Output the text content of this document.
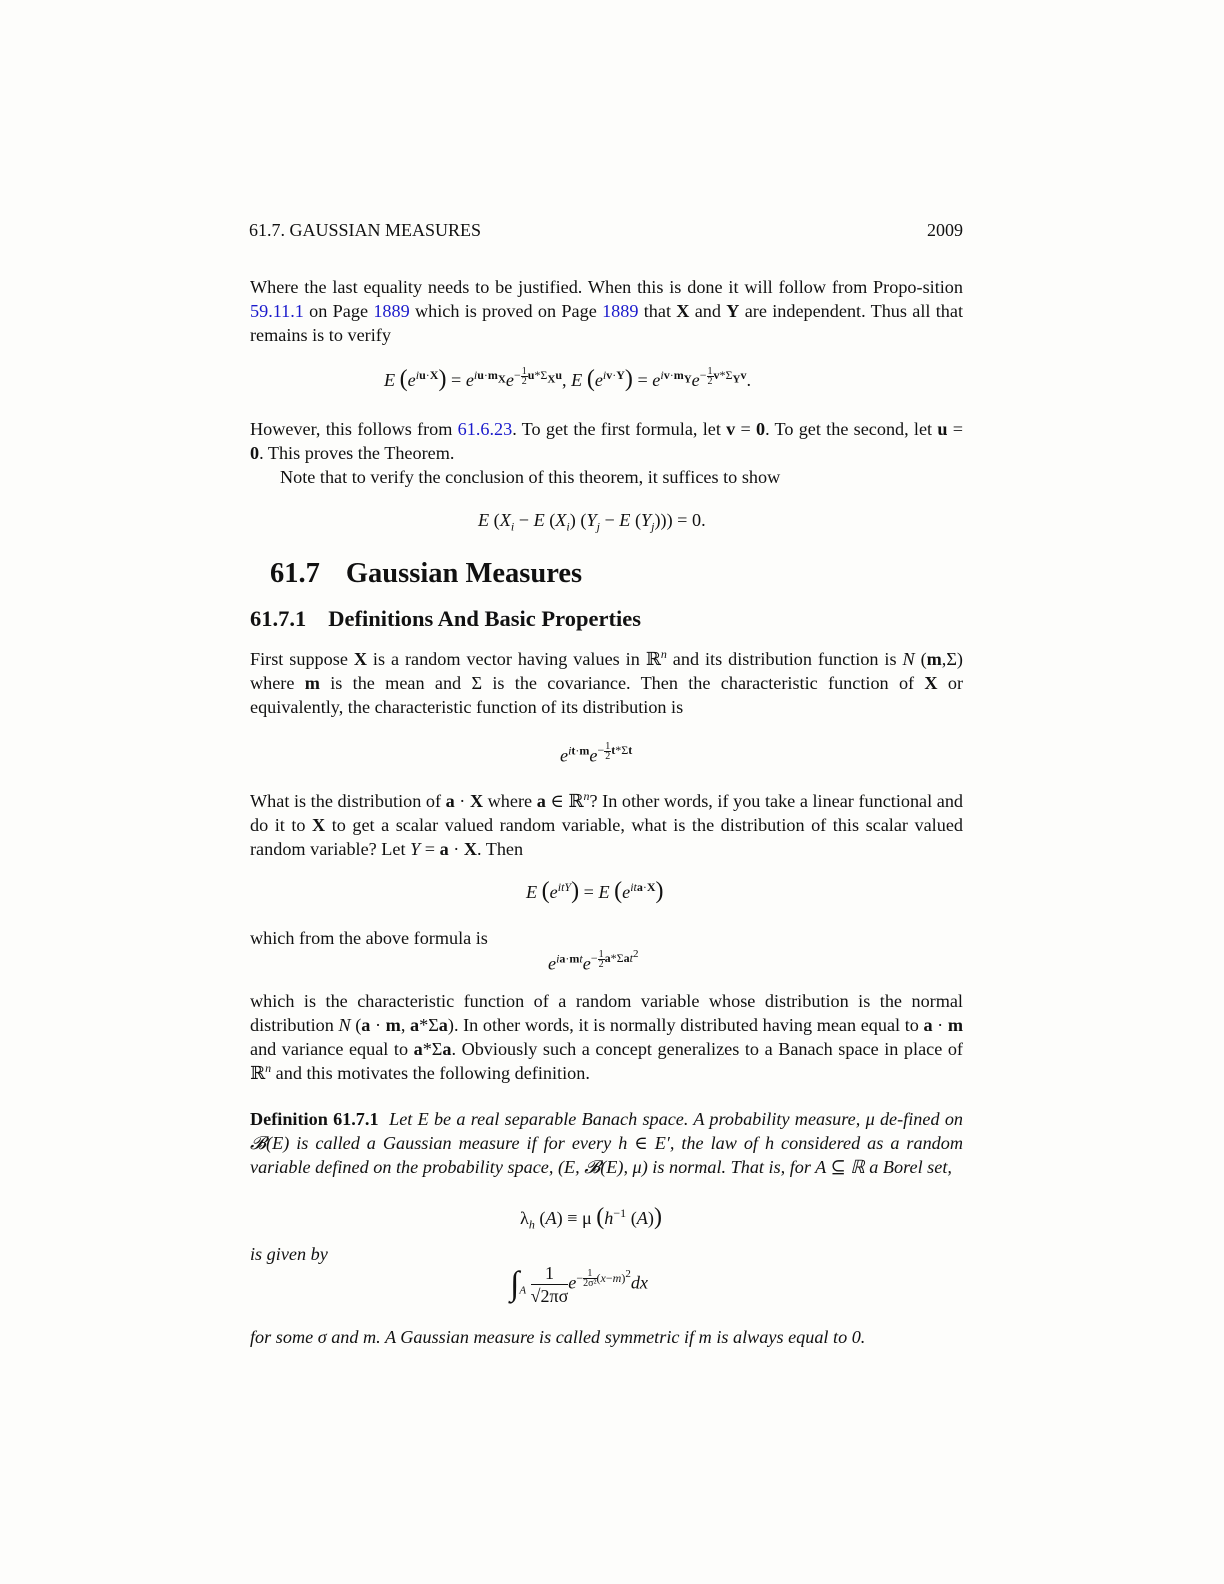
61.7. GAUSSIAN MEASURES	2009

Where the last equality needs to be justified. When this is done it will follow from Propo-sition 59.11.1 on Page 1889 which is proved on Page 1889 that X and Y are independent. Thus all that remains is to verify

E $(e^{iu\cdot X}) = e^{iu\cdot m_X}e^{- \frac{1}{2} u*\Sigma_Xu}$, E $(e^{iv\cdot Y}) = e^{iv\cdot m_Y}e^{- \frac{1}{2} v*\Sigma_Yv}$.

However, this follows from 61.6.23. To get the first formula, let v = 0. To get the second, let u = 0. This proves the Theorem.

Note that to verify the conclusion of this theorem, it suffices to show

E ($X_i - E$ $(X_i) (Y_j - E$ $(Y_j))) = 0$.
61.7 Gaussian Measures
61.7.1 Definitions And Basic Properties

First suppose X is a random vector having values in ℝ$^n$ and its distribution function is N (m,Σ) where m is the mean and Σ is the covariance. Then the characteristic function of X or equivalently, the characteristic function of its distribution is

$e^{it\cdot m}e^{- \frac{1}{2} t*\Sigma t}$

What is the distribution of a · X where a ∈ ℝ$^n$? In other words, if you take a linear functional and do it to X to get a scalar valued random variable, what is the distribution of this scalar valued random variable? Let Y = a · X. Then

E $(e^{itY}) = E$ $(e^{ita\cdot X})$

which from the above formula is

$e^{ia\cdot mt}e^{- \frac{1}{2} a*\Sigma at^2}$

which is the characteristic function of a random variable whose distribution is the normal distribution N (a · m, a*Σa). In other words, it is normally distributed having mean equal to a · m and variance equal to a*Σa. Obviously such a concept generalizes to a Banach space in place of ℝ$^n$ and this motivates the following definition.

Definition 61.7.1 Let E be a real separable Banach space. A probability measure, μ de-fined on 𝓑(E) is called a Gaussian measure if for every h ∈ E′, the law of h considered as a random variable defined on the probability space, (E, 𝓑(E), μ) is normal. That is, for A ⊆ ℝ a Borel set,

$\lambda_h$ (A) ≡ μ ($h^{-1}$ (A))

is given by

$\int_A \frac{1}{√2\pi\sigma} e^{- \frac{1}{\text{2σ²}} (x-m)^2}dx$

for some σ and m. A Gaussian measure is called symmetric if m is always equal to 0.
